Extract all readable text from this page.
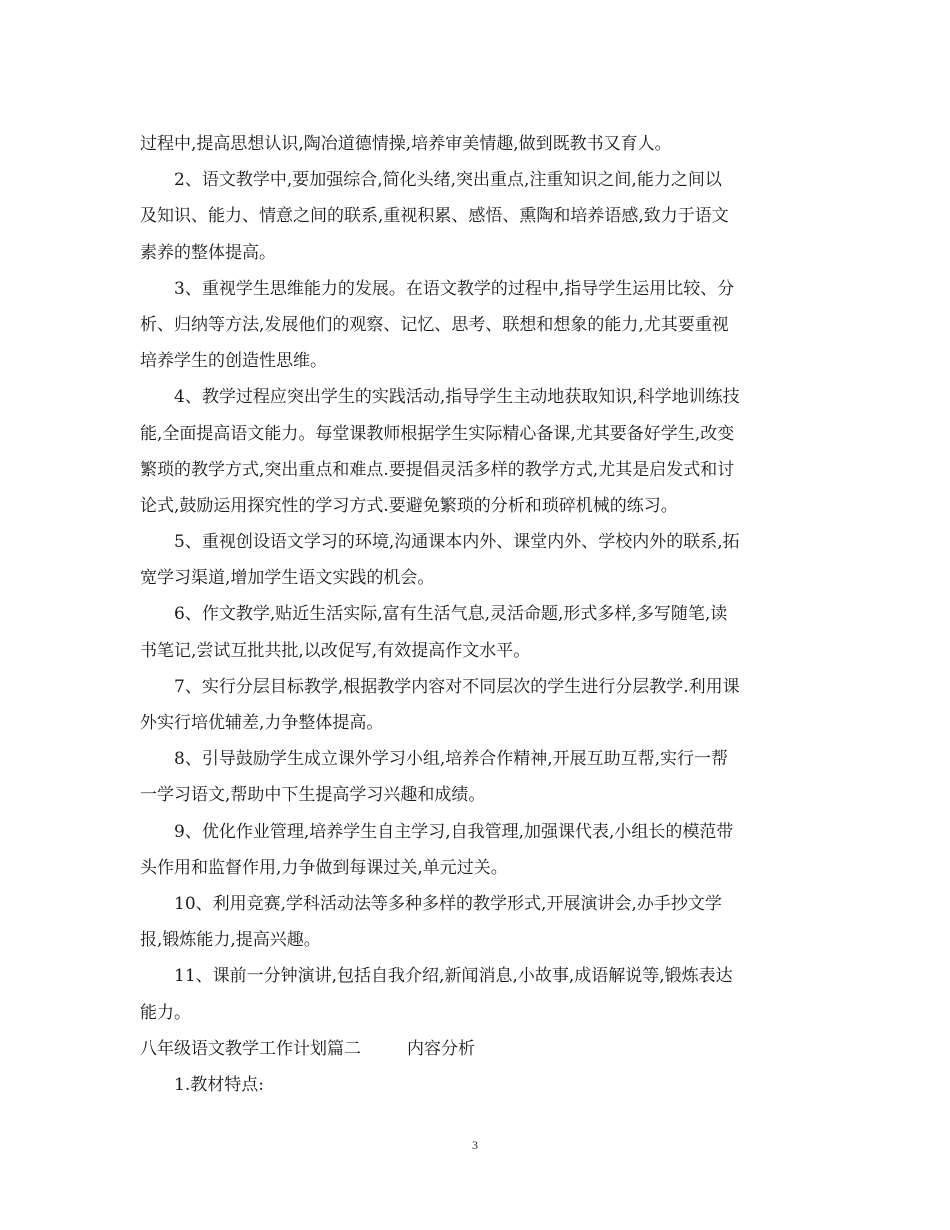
过程中,提高思想认识,陶冶道德情操,培养审美情趣,做到既教书又育人。
2、语文教学中,要加强综合,简化头绪,突出重点,注重知识之间,能力之间以
及知识、能力、情意之间的联系,重视积累、感悟、熏陶和培养语感,致力于语文
素养的整体提高。
3、重视学生思维能力的发展。在语文教学的过程中,指导学生运用比较、分
析、归纳等方法,发展他们的观察、记忆、思考、联想和想象的能力,尤其要重视
培养学生的创造性思维。
4、教学过程应突出学生的实践活动,指导学生主动地获取知识,科学地训练技
能,全面提高语文能力。每堂课教师根据学生实际精心备课,尤其要备好学生,改变
繁琐的教学方式,突出重点和难点.要提倡灵活多样的教学方式,尤其是启发式和讨
论式,鼓励运用探究性的学习方式.要避免繁琐的分析和琐碎机械的练习。
5、重视创设语文学习的环境,沟通课本内外、课堂内外、学校内外的联系,拓
宽学习渠道,增加学生语文实践的机会。
6、作文教学,贴近生活实际,富有生活气息,灵活命题,形式多样,多写随笔,读
书笔记,尝试互批共批,以改促写,有效提高作文水平。
7、实行分层目标教学,根据教学内容对不同层次的学生进行分层教学.利用课
外实行培优辅差,力争整体提高。
8、引导鼓励学生成立课外学习小组,培养合作精神,开展互助互帮,实行一帮
一学习语文,帮助中下生提高学习兴趣和成绩。
9、优化作业管理,培养学生自主学习,自我管理,加强课代表,小组长的模范带
头作用和监督作用,力争做到每课过关,单元过关。
10、利用竞赛,学科活动法等多种多样的教学形式,开展演讲会,办手抄文学
报,锻炼能力,提高兴趣。
11、课前一分钟演讲,包括自我介绍,新闻消息,小故事,成语解说等,锻炼表达
能力。
八年级语文教学工作计划篇二	内容分析
1.教材特点:
3
